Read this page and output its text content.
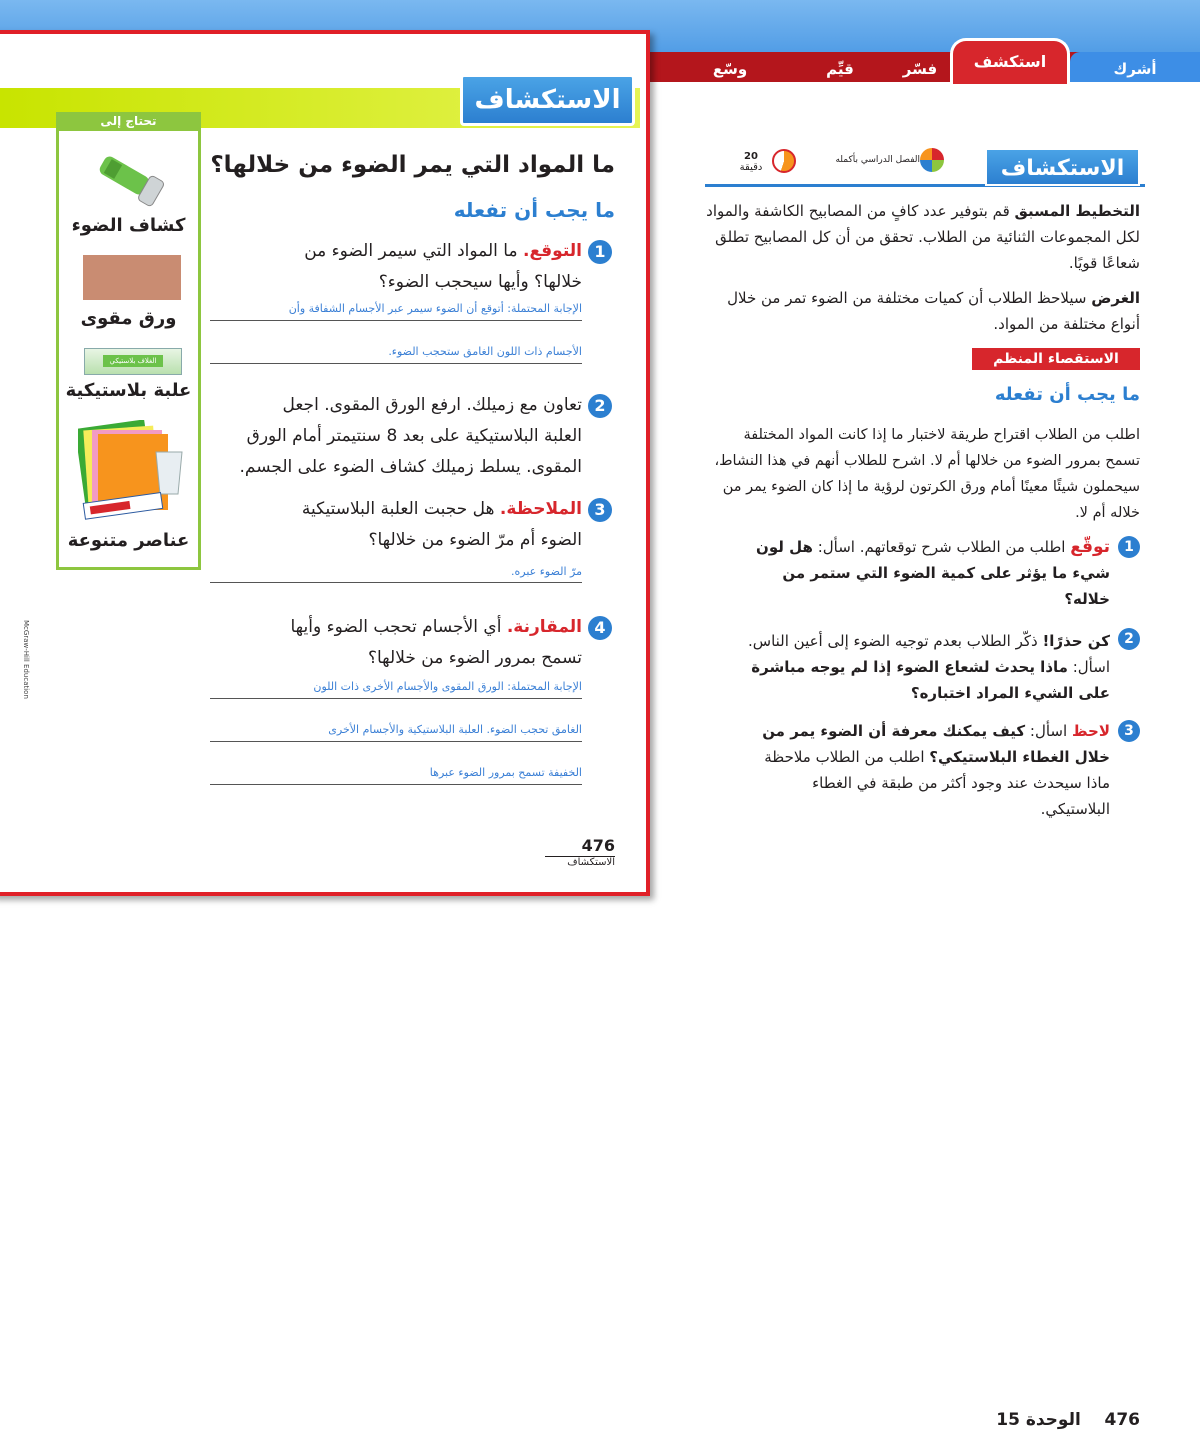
أشرك
استكشف
فسّر
قيِّم
وسّع
الاستكشاف
تحتاج إلى
كشاف الضوء
ورق مقوى
الغلاف بلاستيكي
علبة بلاستيكية
عناصر متنوعة
ما المواد التي يمر الضوء من خلالها؟
ما يجب أن تفعله
1
التوقع. ما المواد التي سيمر الضوء من
خلالها؟ وأيها سيحجب الضوء؟
الإجابة المحتملة: أتوقع أن الضوء سيمر عبر الأجسام الشفافة وأن
الأجسام ذات اللون الغامق ستحجب الضوء.
2
تعاون مع زميلك. ارفع الورق المقوى. اجعل
العلبة البلاستيكية على بعد 8 سنتيمتر أمام الورق
المقوى. يسلط زميلك كشاف الضوء على الجسم.
3
الملاحظة. هل حجبت العلبة البلاستيكية
الضوء أم مرّ الضوء من خلالها؟
مرّ الضوء عبره.
4
المقارنة. أي الأجسام تحجب الضوء وأيها
تسمح بمرور الضوء من خلالها؟
الإجابة المحتملة: الورق المقوى والأجسام الأخرى ذات اللون
الغامق تحجب الضوء. العلبة البلاستيكية والأجسام الأخرى
الخفيفة تسمح بمرور الضوء عبرها
476
الاستكشاف
McGraw-Hill Education
الاستكشاف
الفصل الدراسي بأكمله
20
دقيقة
التخطيط المسبق قم بتوفير عدد كافٍ من المصابيح الكاشفة والمواد لكل المجموعات الثنائية من الطلاب. تحقق من أن كل المصابيح تطلق شعاعًا قويًا.
الغرض سيلاحظ الطلاب أن كميات مختلفة من الضوء تمر من خلال أنواع مختلفة من المواد.
الاستقصاء المنظم
ما يجب أن تفعله
اطلب من الطلاب اقتراح طريقة لاختبار ما إذا كانت المواد المختلفة تسمح بمرور الضوء من خلالها أم لا. اشرح للطلاب أنهم في هذا النشاط، سيحملون شيئًا معينًا أمام ورق الكرتون لرؤية ما إذا كان الضوء يمر من خلاله أم لا.
1
توقّع اطلب من الطلاب شرح توقعاتهم. اسأل: هل لون شيء ما يؤثر على كمية الضوء التي ستمر من خلاله؟
2
كن حذرًا! ذكّر الطلاب بعدم توجيه الضوء إلى أعين الناس. اسأل: ماذا يحدث لشعاع الضوء إذا لم يوجه مباشرة على الشيء المراد اختباره؟
3
لاحظ اسأل: كيف يمكنك معرفة أن الضوء يمر من خلال الغطاء البلاستيكي؟ اطلب من الطلاب ملاحظة ماذا سيحدث عند وجود أكثر من طبقة في الغطاء البلاستيكي.
476    الوحدة 15
